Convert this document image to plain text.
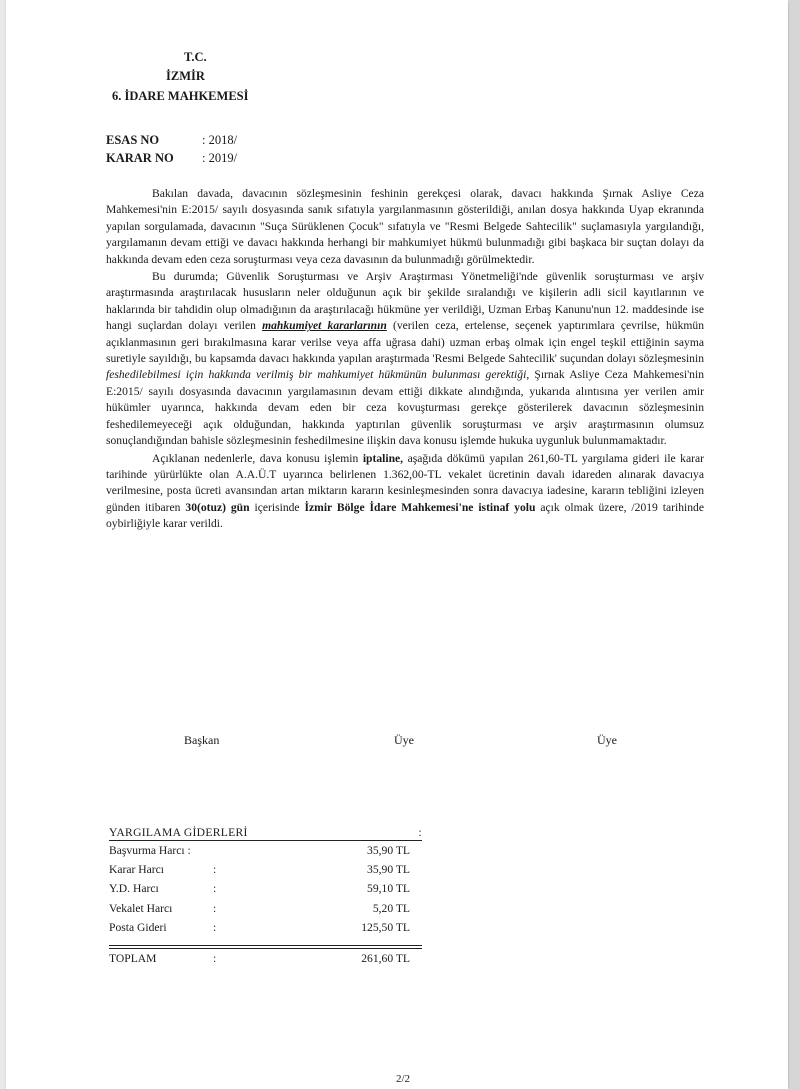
T.C.
İZMİR
6. İDARE MAHKEMESİ
ESAS NO	: 2018/
KARAR NO : 2019/

Bakılan davada, davacının sözleşmesinin feshinin gerekçesi olarak, davacı hakkında Şırnak Asliye Ceza Mahkemesi'nin E:2015/ sayılı dosyasında sanık sıfatıyla yargılanmasının gösterildiği, anılan dosya hakkında Uyap ekranında yapılan sorgulamada, davacının "Suça Sürüklenen Çocuk" sıfatıyla ve "Resmi Belgede Sahtecilik" suçlamasıyla yargılandığı, yargılamanın devam ettiği ve davacı hakkında herhangi bir mahkumiyet hükmü bulunmadığı gibi başkaca bir suçtan dolayı da hakkında devam eden ceza soruşturması veya ceza davasının da bulunmadığı görülmektedir.

Bu durumda; Güvenlik Soruşturması ve Arşiv Araştırması Yönetmeliği'nde güvenlik soruşturması ve arşiv araştırmasında araştırılacak hususların neler olduğunun açık bir şekilde sıralandığı ve kişilerin adli sicil kayıtlarının ve haklarında bir tahdidin olup olmadığının da araştırılacağı hükmüne yer verildiği, Uzman Erbaş Kanunu'nun 12. maddesinde ise hangi suçlardan dolayı verilen mahkumiyet kararlarının (verilen ceza, ertelense, seçenek yaptırımlara çevrilse, hükmün açıklanmasının geri bırakılmasına karar verilse veya affa uğrasa dahi) uzman erbaş olmak için engel teşkil ettiğinin sayma suretiyle sayıldığı, bu kapsamda davacı hakkında yapılan araştırmada 'Resmi Belgede Sahtecilik' suçundan dolayı sözleşmesinin feshedilebilmesi için hakkında verilmiş bir mahkumiyet hükmünün bulunması gerektiği, Şırnak Asliye Ceza Mahkemesi'nin E:2015/ sayılı dosyasında davacının yargılamasının devam ettiği dikkate alındığında, yukarıda alıntısına yer verilen amir hükümler uyarınca, hakkında devam eden bir ceza kovuşturması gerekçe gösterilerek davacının sözleşmesinin feshedilemeyeceği açık olduğundan, hakkında yaptırılan güvenlik soruşturması ve arşiv araştırmasının olumsuz sonuçlandığından bahisle sözleşmesinin feshedilmesine ilişkin dava konusu işlemde hukuka uygunluk bulunmamaktadır.

Açıklanan nedenlerle, dava konusu işlemin iptaline, aşağıda dökümü yapılan 261,60-TL yargılama gideri ile karar tarihinde yürürlükte olan A.A.Ü.T uyarınca belirlenen 1.362,00-TL vekalet ücretinin davalı idareden alınarak davacıya verilmesine, posta ücreti avansından artan miktarın kararın kesinleşmesinden sonra davacıya iadesine, kararın tebliğini izleyen günden itibaren 30(otuz) gün içerisinde İzmir Bölge İdare Mahkemesi'ne istinaf yolu açık olmak üzere, /2019 tarihinde oybirliğiyle karar verildi.

Başkan	Üye	Üye
YARGILAMA GİDERLERİ	:
Başvurma Harcı :	35,90 TL
Karar Harcı	:	35,90 TL
Y.D. Harcı	:	59,10 TL
Vekalet Harcı	:	5,20 TL
Posta Gideri	:	125,50 TL
TOPLAM	:	261,60 TL
2/2
